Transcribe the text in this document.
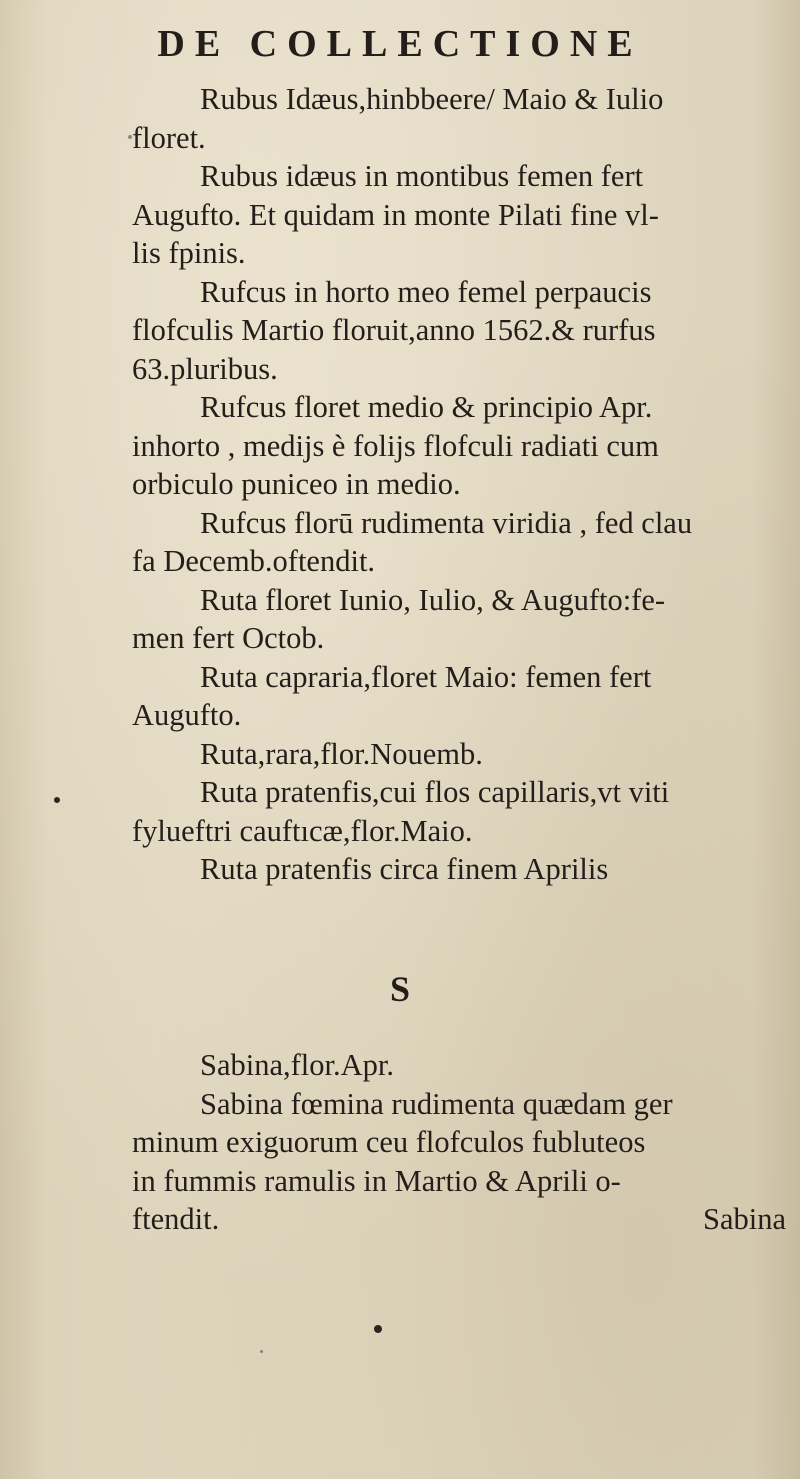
DE COLLECTIONE
Rubus Idæus,hinbbeere/ Maio & Iulio
floret.
Rubus idæus in montibus femen fert
Augufto. Et quidam in monte Pilati fine vl-
lis fpinis.
Rufcus in horto meo femel perpaucis
flofculis Martio floruit,anno 1562.& rurfus
63.pluribus.
Rufcus floret medio & principio Apr.
inhorto , medijs è folijs flofculi radiati cum
orbiculo puniceo in medio.
Rufcus florū rudimenta viridia , fed clau
fa Decemb.oftendit.
Ruta floret Iunio, Iulio, & Augufto:fe-
men fert Octob.
Ruta capraria,floret Maio: femen fert
Augufto.
Ruta,rara,flor.Nouemb.
Ruta pratenfis,cui flos capillaris,vt viti
fylueftri cauftıcæ,flor.Maio.
Ruta pratenfis circa finem Aprilis
S
Sabina,flor.Apr.
Sabina fœmina rudimenta quædam ger
minum exiguorum ceu flofculos fubluteos
in fummis ramulis in Martio & Aprili o-
ftendit.	Sabina
